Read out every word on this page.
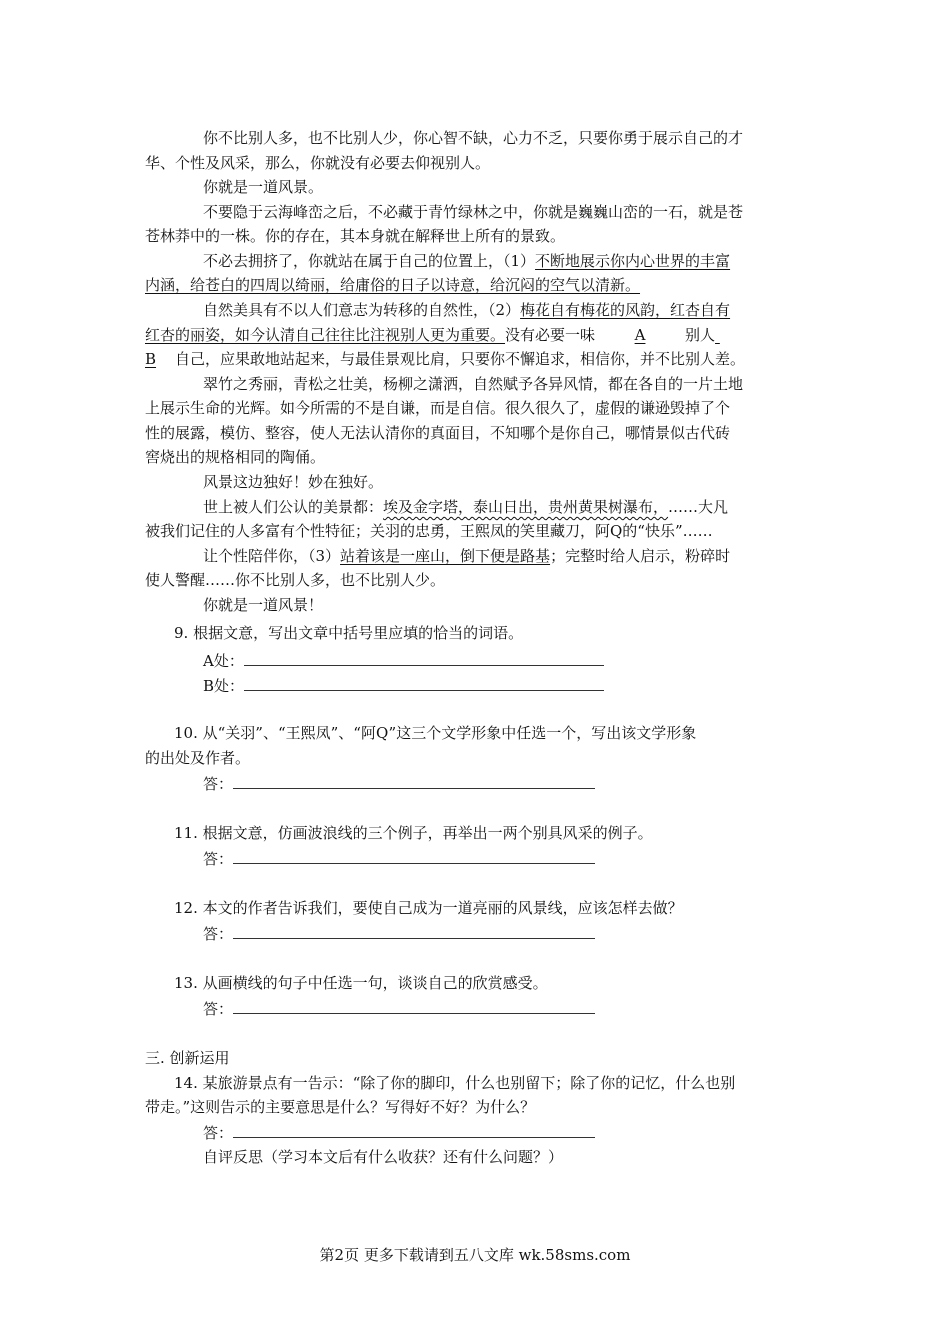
你不比别人多，也不比别人少，你心智不缺，心力不乏，只要你勇于展示自己的才
华、个性及风采，那么，你就没有必要去仰视别人。
你就是一道风景。
不要隐于云海峰峦之后，不必藏于青竹绿林之中，你就是巍巍山峦的一石，就是苍
苍林莽中的一株。你的存在，其本身就在解释世上所有的景致。
不必去拥挤了，你就站在属于自己的位置上，（1）不断地展示你内心世界的丰富
内涵，给苍白的四周以绮丽，给庸俗的日子以诗意，给沉闷的空气以清新。
自然美具有不以人们意志为转移的自然性，（2）梅花自有梅花的风韵，红杏自有
红杏的丽姿，如今认清自己往往比注视别人更为重要。没有必要一味	A	别人
B 自己，应果敢地站起来，与最佳景观比肩，只要你不懈追求，相信你，并不比别人差。
翠竹之秀丽，青松之壮美，杨柳之潇洒，自然赋予各异风情，都在各自的一片土地
上展示生命的光辉。如今所需的不是自谦，而是自信。很久很久了，虚假的谦逊毁掉了个
性的展露，模仿、整容，使人无法认清你的真面目，不知哪个是你自己，哪情景似古代砖
窖烧出的规格相同的陶俑。
风景这边独好！妙在独好。
世上被人们公认的美景都：埃及金字塔，泰山日出，贵州黄果树瀑布，……大凡
被我们记住的人多富有个性特征；关羽的忠勇，王熙凤的笑里藏刀，阿Q的“快乐”……
让个性陪伴你，（3）站着该是一座山，倒下便是路基；完整时给人启示，粉碎时
使人警醒……你不比别人多，也不比别人少。
你就是一道风景！
9. 根据文意，写出文章中括号里应填的恰当的词语。
A处：
B处：
10. 从“关羽”、“王熙凤”、“阿Q”这三个文学形象中任选一个，写出该文学形象
的出处及作者。
答：
11. 根据文意，仿画波浪线的三个例子，再举出一两个别具风采的例子。
答：
12. 本文的作者告诉我们，要使自己成为一道亮丽的风景线，应该怎样去做？
答：
13. 从画横线的句子中任选一句，谈谈自己的欣赏感受。
答：
三. 创新运用
14. 某旅游景点有一告示：“除了你的脚印，什么也别留下；除了你的记忆，什么也别
带走。”这则告示的主要意思是什么？写得好不好？为什么？
答：
自评反思（学习本文后有什么收获？还有什么问题？）
第2页 更多下载请到五八文库 wk.58sms.com
